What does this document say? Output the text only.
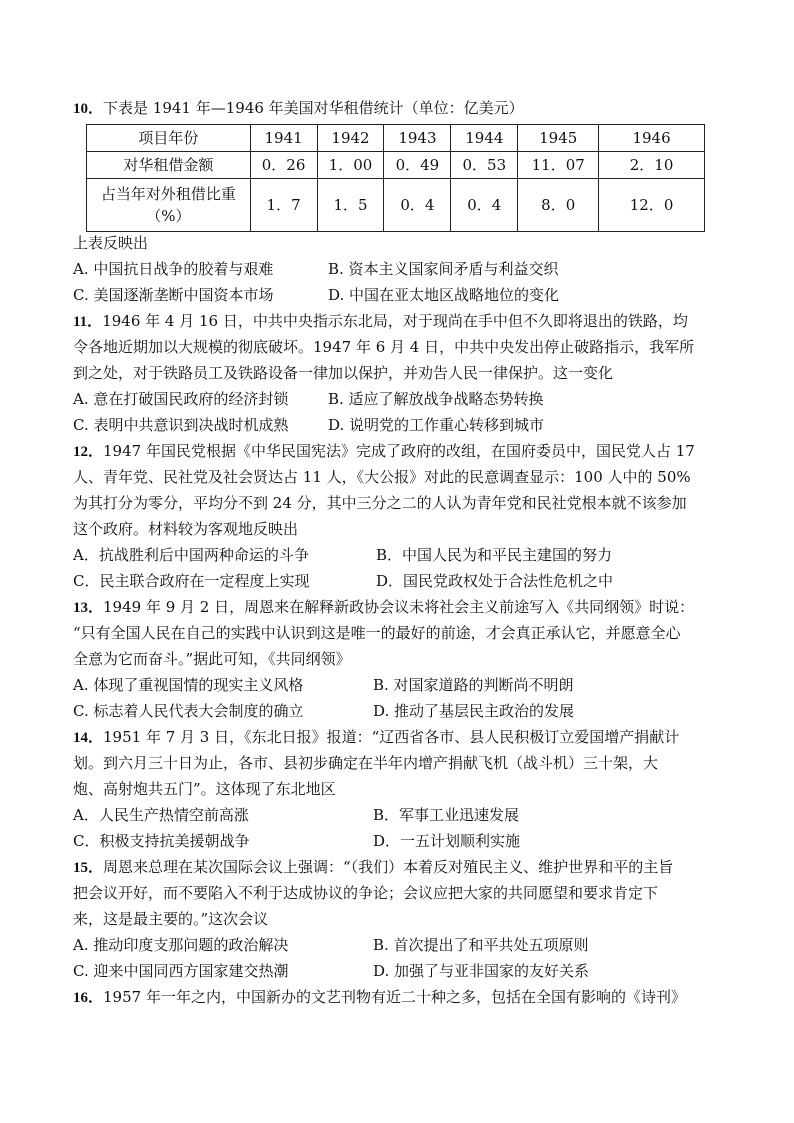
10．下表是 1941 年—1946 年美国对华租借统计（单位：亿美元）
项目年份	1941	1942	1943	1944	1945	1946
对华租借金额	0．26	1．00	0．49	0．53	11．07	2．10

占当年对外租借比重
（%）	1．7	1．5	0．4	0．4	8．0	12．0
上表反映出
A. 中国抗日战争的胶着与艰难	B. 资本主义国家间矛盾与利益交织
C. 美国逐渐垄断中国资本市场	D. 中国在亚太地区战略地位的变化
11．1946 年 4 月 16 日，中共中央指示东北局，对于现尚在手中但不久即将退出的铁路，均
令各地近期加以大规模的彻底破坏。1947 年 6 月 4 日，中共中央发出停止破路指示，我军所
到之处，对于铁路员工及铁路设备一律加以保护，并劝告人民一律保护。这一变化
A. 意在打破国民政府的经济封锁	B. 适应了解放战争战略态势转换
C. 表明中共意识到决战时机成熟	D. 说明党的工作重心转移到城市
12．1947 年国民党根据《中华民国宪法》完成了政府的改组，在国府委员中，国民党人占 17
人、青年党、民社党及社会贤达占 11 人，《大公报》对此的民意调查显示：100 人中的 50%
为其打分为零分，平均分不到 24 分，其中三分之二的人认为青年党和民社党根本就不该参加
这个政府。材料较为客观地反映出
A．抗战胜利后中国两种命运的斗争	B．中国人民为和平民主建国的努力
C．民主联合政府在一定程度上实现	D．国民党政权处于合法性危机之中
13．1949 年 9 月 2 日，周恩来在解释新政协会议未将社会主义前途写入《共同纲领》时说：
“只有全国人民在自己的实践中认识到这是唯一的最好的前途，才会真正承认它，并愿意全心
全意为它而奋斗。”据此可知，《共同纲领》
A. 体现了重视国情的现实主义风格	B. 对国家道路的判断尚不明朗
C. 标志着人民代表大会制度的确立	D. 推动了基层民主政治的发展
14．1951 年 7 月 3 日，《东北日报》报道：“辽西省各市、县人民积极订立爱国增产捐献计
划。到六月三十日为止，各市、县初步确定在半年内增产捐献飞机（战斗机）三十架，大
炮、高射炮共五门”。这体现了东北地区
A．人民生产热情空前高涨	B．军事工业迅速发展
C．积极支持抗美援朝战争	D．一五计划顺利实施
15．周恩来总理在某次国际会议上强调：“（我们）本着反对殖民主义、维护世界和平的主旨
把会议开好，而不要陷入不利于达成协议的争论；会议应把大家的共同愿望和要求肯定下
来，这是最主要的。”这次会议
A. 推动印度支那问题的政治解决	B. 首次提出了和平共处五项原则
C. 迎来中国同西方国家建交热潮	D. 加强了与亚非国家的友好关系
16．1957 年一年之内，中国新办的文艺刊物有近二十种之多，包括在全国有影响的《诗刊》
